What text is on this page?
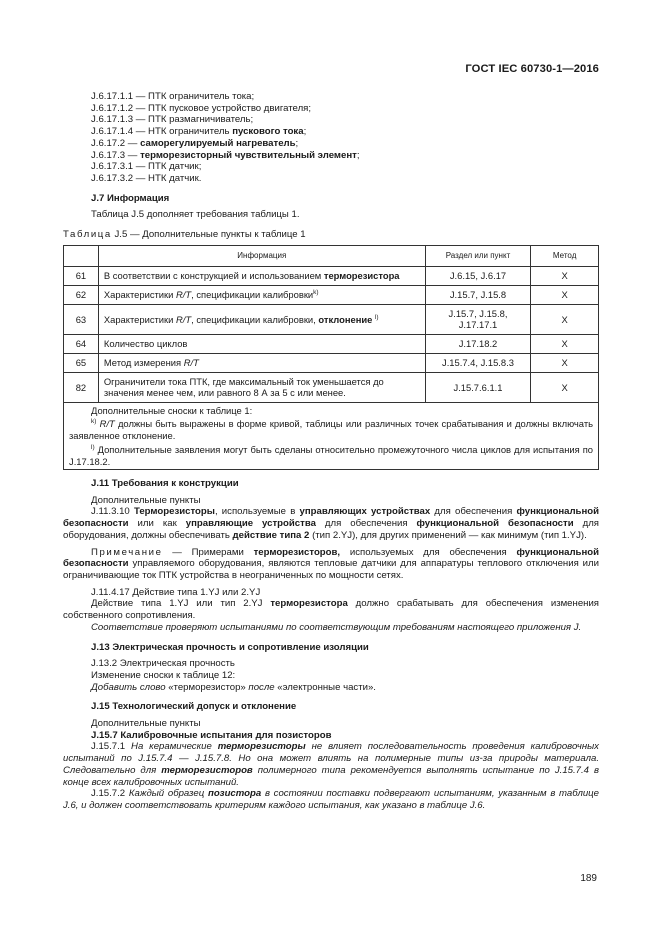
ГОСТ IEC 60730-1—2016
J.6.17.1.1 — ПТК ограничитель тока;
J.6.17.1.2 — ПТК пусковое устройство двигателя;
J.6.17.1.3 — ПТК размагничиватель;
J.6.17.1.4 — НТК ограничитель пускового тока;
J.6.17.2 — саморегулируемый нагреватель;
J.6.17.3 — терморезисторный чувствительный элемент;
J.6.17.3.1 — ПТК датчик;
J.6.17.3.2 — НТК датчик.
J.7 Информация
Таблица J.5 дополняет требования таблицы 1.
Таблица J.5 — Дополнительные пункты к таблице 1
	Информация	Раздел или пункт	Метод
61	В соответствии с конструкцией и использованием терморезистора	J.6.15, J.6.17	X
62	Характеристики R/T, спецификации калибровки$^{k)}$	J.15.7, J.15.8	X
63	Характеристики R/T, спецификации калибровки, отклонение $^{l)}$	J.15.7, J.15.8, J.17.17.1	X
64	Количество циклов	J.17.18.2	X
65	Метод измерения R/T	J.15.7.4, J.15.8.3	X
82	Ограничители тока ПТК, где максимальный ток уменьшается до значения менее чем, или равного 8 А за 5 с или менее.	J.15.7.6.1.1	X

Дополнительные сноски к таблице 1:
$^{k)}$ R/T должны быть выражены в форме кривой, таблицы или различных точек срабатывания и должны включать заявленное отклонение.
$^{l)}$ Дополнительные заявления могут быть сделаны относительно промежуточного числа циклов для испытания по J.17.18.2.			
J.11 Требования к конструкции
Дополнительные пункты
J.11.3.10 Терморезисторы, используемые в управляющих устройствах для обеспечения функциональной безопасности или как управляющие устройства для обеспечения функциональной безопасности для оборудования, должны обеспечивать действие типа 2 (тип 2.YJ), для других применений — как минимум (тип 1.YJ).
Примечание — Примерами терморезисторов, используемых для обеспечения функциональной безопасности управляемого оборудования, являются тепловые датчики для аппаратуры теплового отключения или ограничивающие ток ПТК устройства в неограниченных по мощности сетях.
J.11.4.17 Действие типа 1.YJ или 2.YJ
Действие типа 1.YJ или тип 2.YJ терморезистора должно срабатывать для обеспечения изменения собственного сопротивления.
Соответствие проверяют испытаниями по соответствующим требованиям настоящего приложения J.
J.13 Электрическая прочность и сопротивление изоляции
J.13.2 Электрическая прочность
Изменение сноски к таблице 12:
Добавить слово «терморезистор» после «электронные части».
J.15 Технологический допуск и отклонение
Дополнительные пункты
J.15.7 Калибровочные испытания для позисторов
J.15.7.1 На керамические терморезисторы не влияет последовательность проведения калибровочных испытаний по J.15.7.4 — J.15.7.8. Но она может влиять на полимерные типы из-за природы материала. Следовательно для терморезисторов полимерного типа рекомендуется выполнять испытание по J.15.7.4 в конце всех калибровочных испытаний.
J.15.7.2 Каждый образец позистора в состоянии поставки подвергают испытаниям, указанным в таблице J.6, и должен соответствовать критериям каждого испытания, как указано в таблице J.6.
189
